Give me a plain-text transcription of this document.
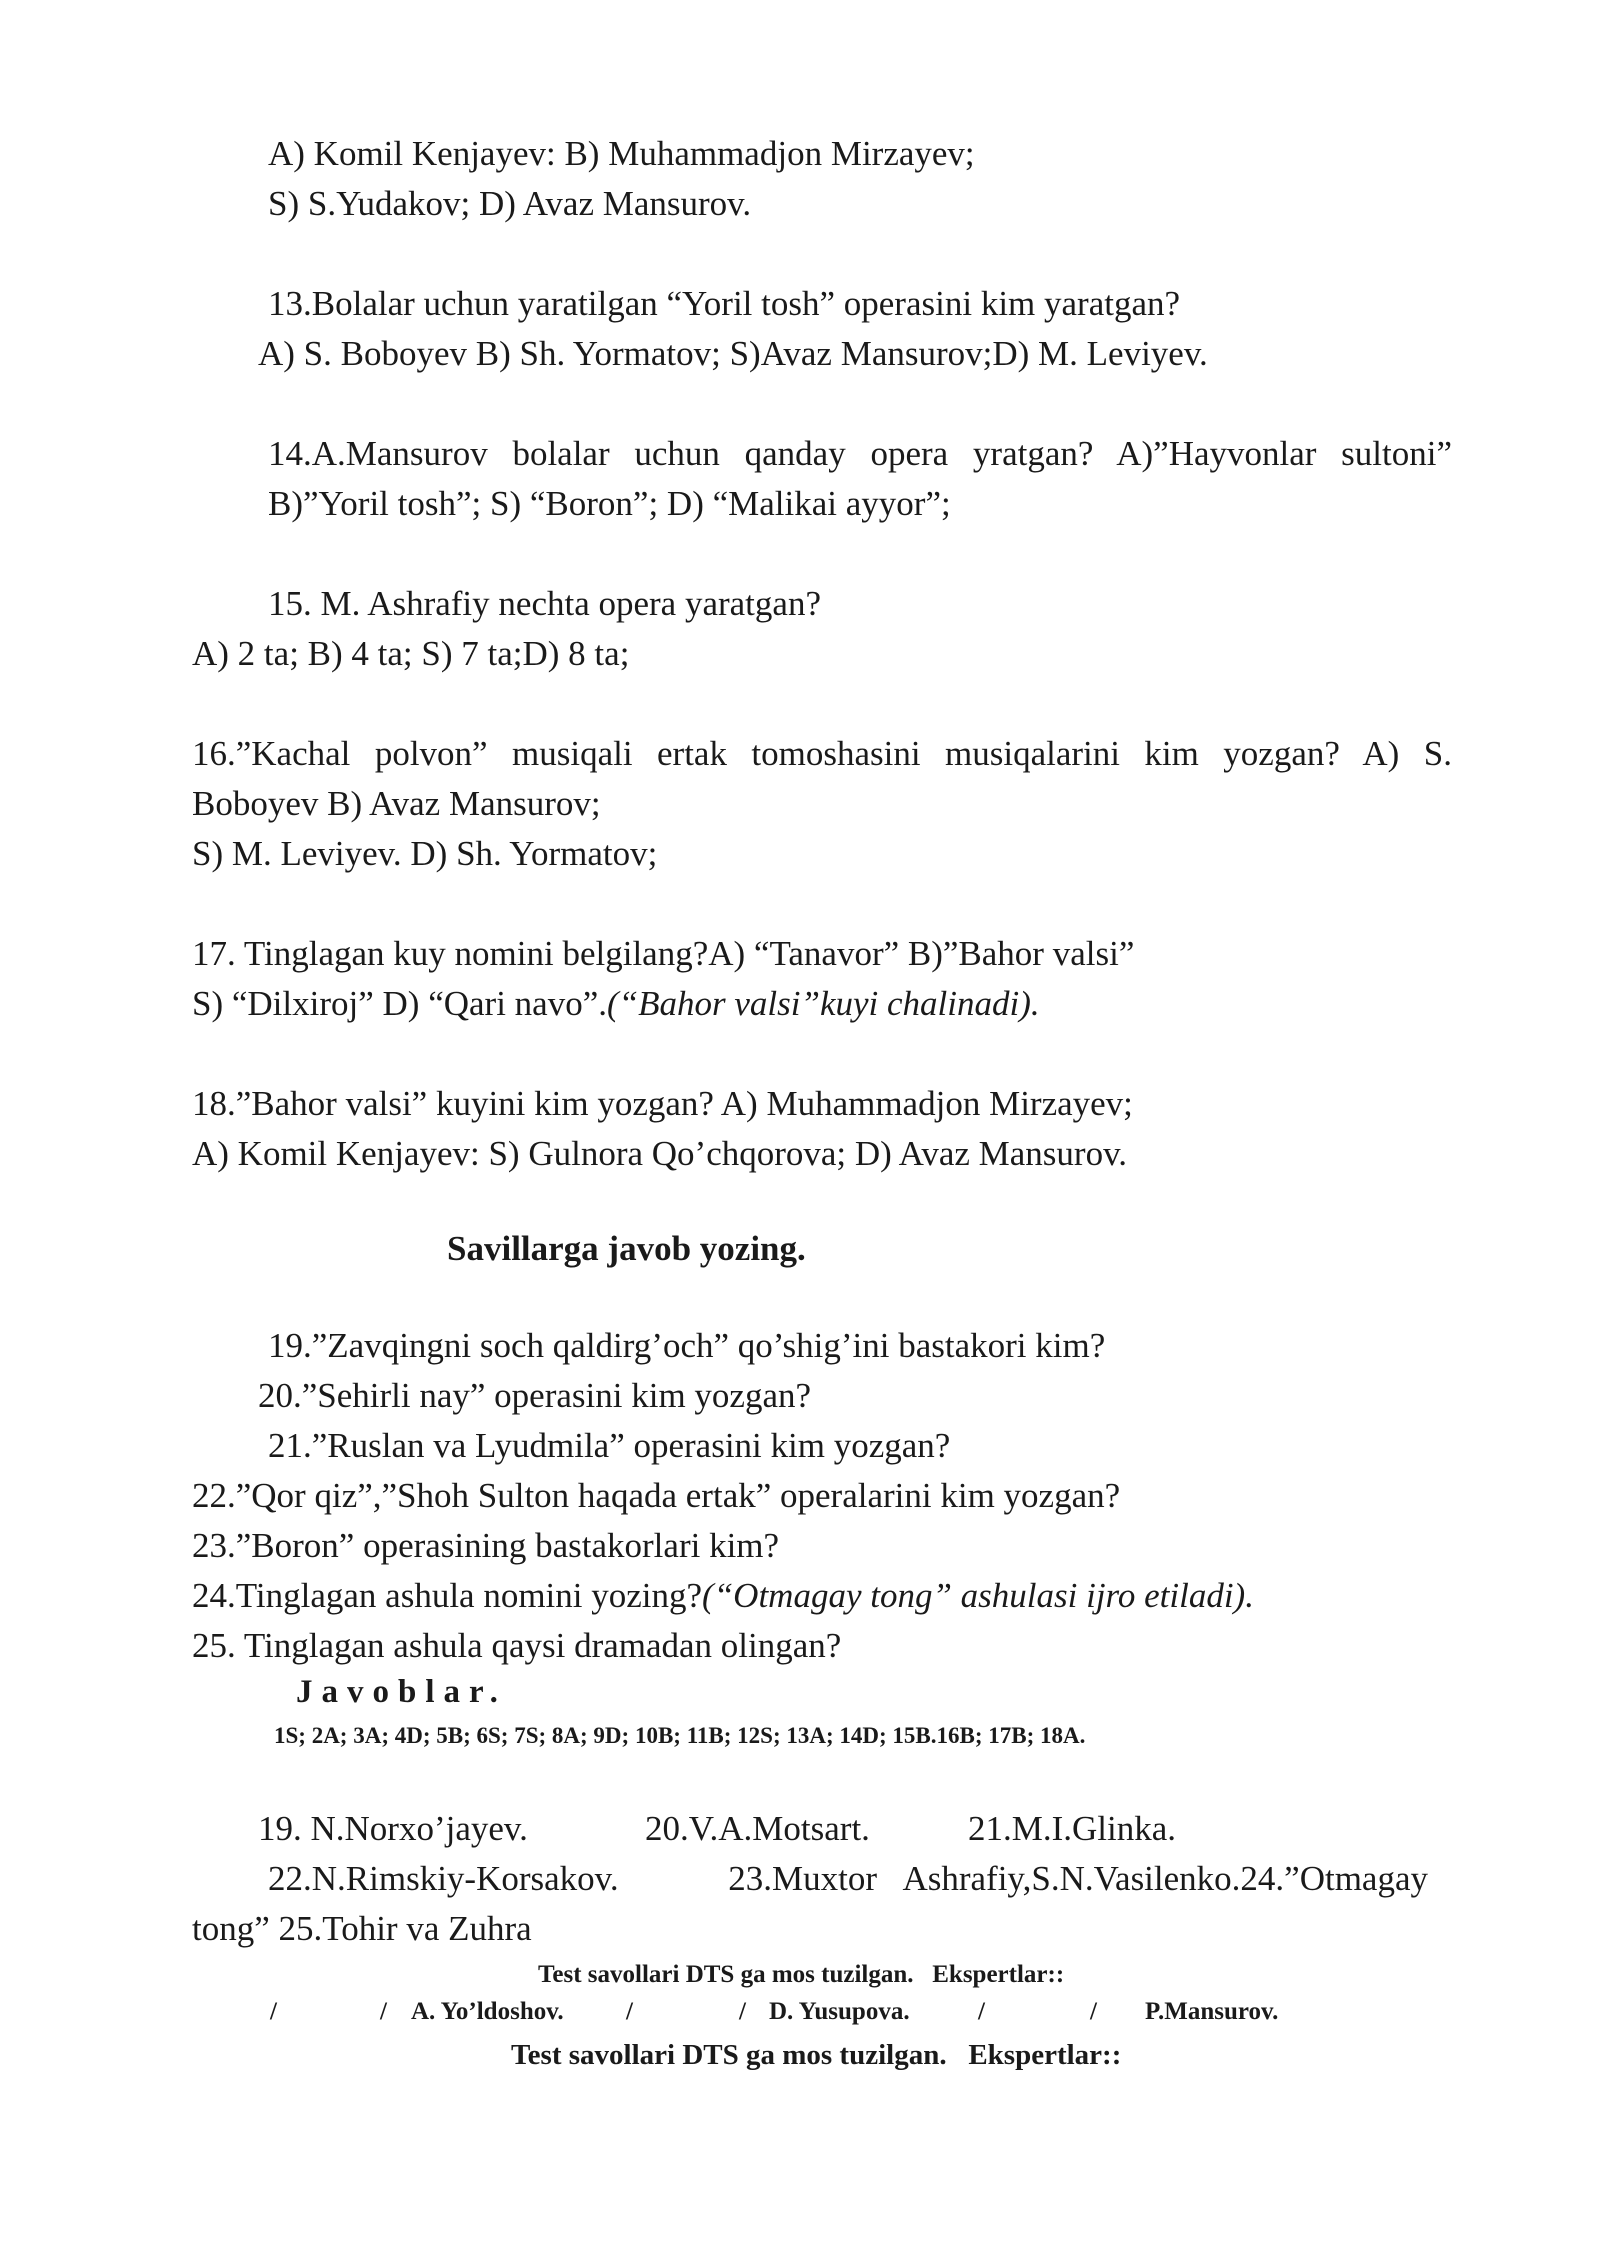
A) Komil Kenjayev: B) Muhammadjon Mirzayev;
S) S.Yudakov; D) Avaz Mansurov.
13.Bolalar uchun yaratilgan “Yoril tosh” operasini kim yaratgan?
A) S. Boboyev B) Sh. Yormatov; S)Avaz Mansurov;D) M. Leviyev.
14.A.Mansurov bolalar uchun qanday opera yratgan? A)”Hayvonlar sultoni”
B)”Yoril tosh”; S) “Boron”; D) “Malikai ayyor”;
15. M. Ashrafiy nechta opera yaratgan?
A) 2 ta; B) 4 ta; S) 7 ta;D) 8 ta;
16.”Kachal polvon” musiqali ertak tomoshasini musiqalarini kim yozgan? A) S.
Boboyev B) Avaz Mansurov;
S) M. Leviyev. D) Sh. Yormatov;
17. Tinglagan kuy nomini belgilang?A) “Tanavor” B)”Bahor valsi”
S) “Dilxiroj” D) “Qari navo”.(“Bahor valsi”kuyi chalinadi).
18.”Bahor valsi” kuyini kim yozgan? A) Muhammadjon Mirzayev;
A) Komil Kenjayev: S) Gulnora Qo’chqorova; D) Avaz Mansurov.
Savillarga javob yozing.
19.”Zavqingni soch qaldirg’och” qo’shig’ini bastakori kim?
20.”Sehirli nay” operasini kim yozgan?
21.”Ruslan va Lyudmila” operasini kim yozgan?
22.”Qor qiz”,”Shoh Sulton haqada ertak” operalarini kim yozgan?
23.”Boron” operasining bastakorlari kim?
24.Tinglagan ashula nomini yozing?(“Otmagay tong” ashulasi ijro etiladi).
25. Tinglagan ashula qaysi dramadan olingan?
Javoblar.
1S; 2A; 3A; 4D; 5B; 6S; 7S; 8A; 9D; 10B; 11B; 12S; 13A; 14D; 15B.16B; 17B; 18A.
19. N.Norxo’jayev.	20.V.A.Motsart.	21.M.I.Glinka.
22.N.Rimskiy-Korsakov.    23.Muxtor Ashrafiy,S.N.Vasilenko.24.”Otmagay
tong” 25.Tohir va Zuhra
Test savollari DTS ga mos tuzilgan.   Ekspertlar::
/	/ A. Yo’ldoshov. /	/ D. Yusupova.	/	/ P.Mansurov.
Test savollari DTS ga mos tuzilgan.   Ekspertlar::
